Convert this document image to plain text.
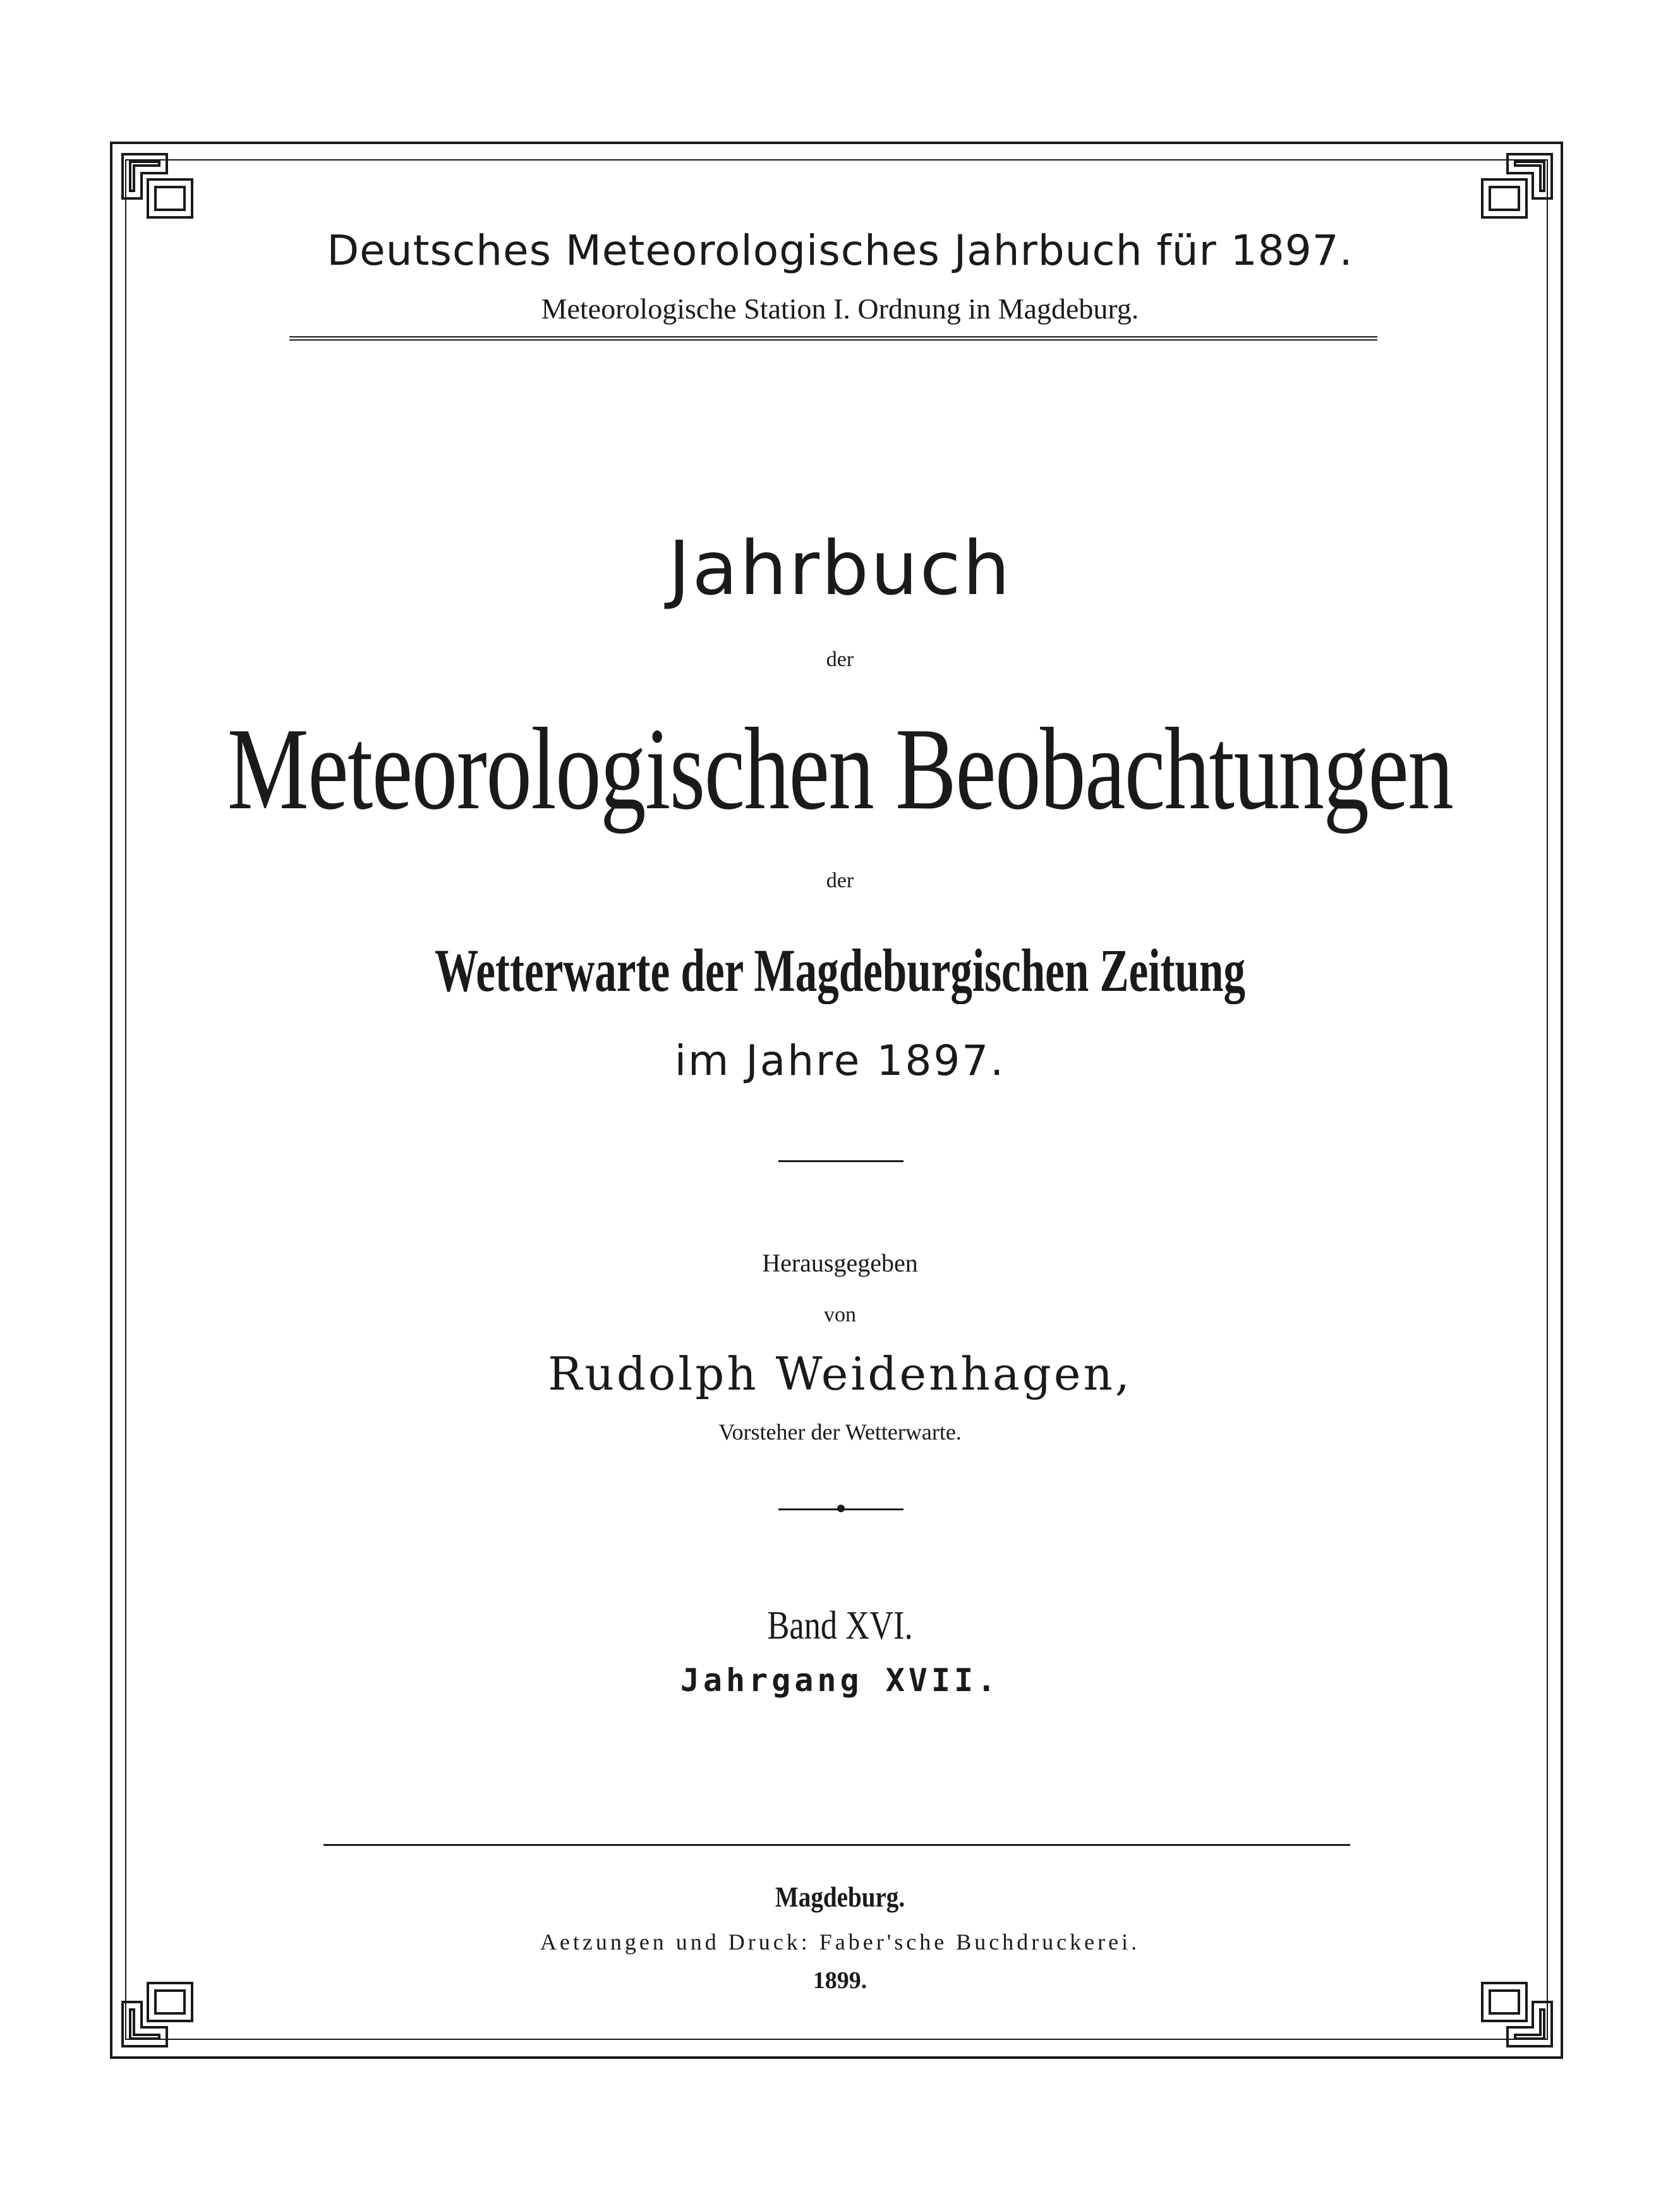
Deutsches Meteorologisches Jahrbuch für 1897.
Meteorologische Station I. Ordnung in Magdeburg.
Jahrbuch
der
Meteorologischen Beobachtungen
der
Wetterwarte der Magdeburgischen Zeitung
im Jahre 1897.
Herausgegeben
von
Rudolph Weidenhagen,
Vorsteher der Wetterwarte.
Band XVI.
Jahrgang XVII.
Magdeburg.
Aetzungen und Druck: Faber'sche Buchdruckerei.
1899.
